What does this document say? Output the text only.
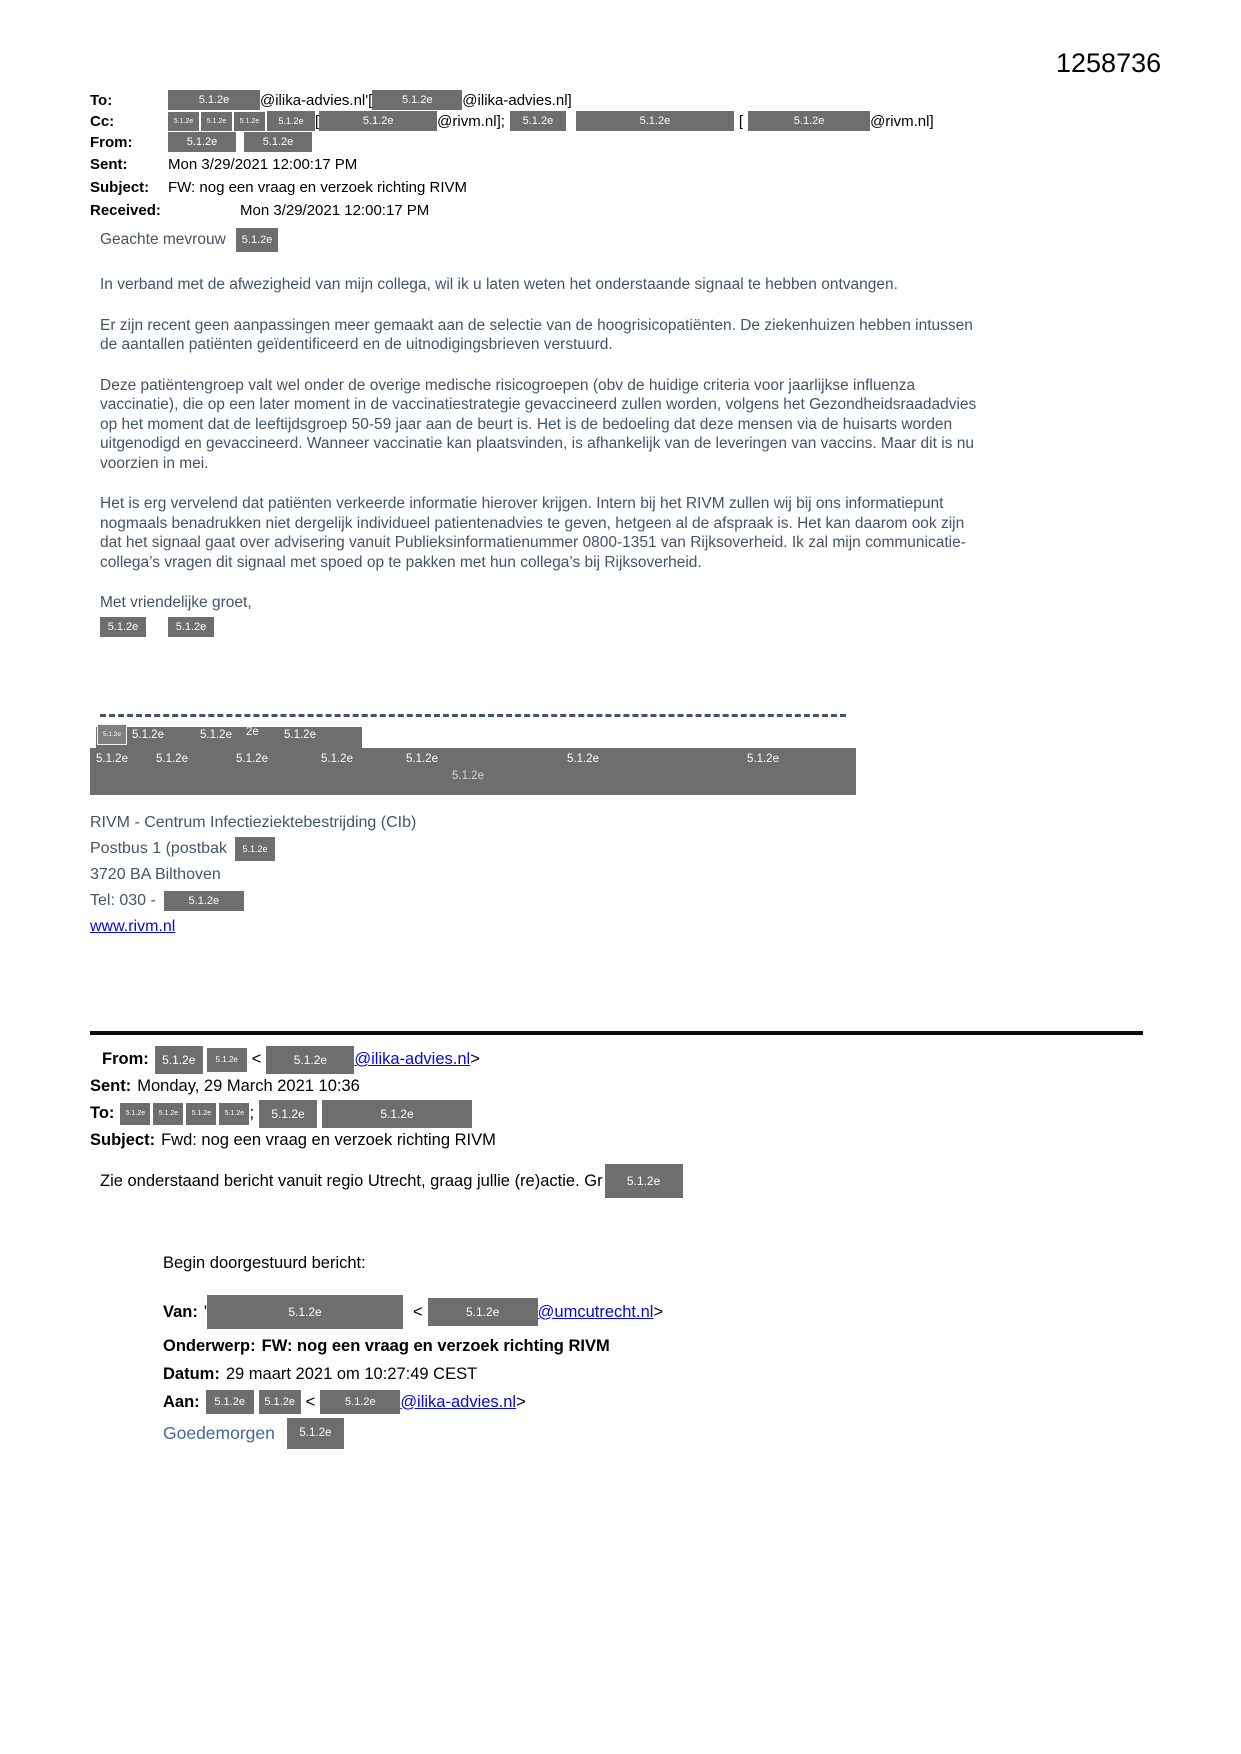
1258736
To:	5.1.2e	@ilika-advies.nl'[	5.1.2e	@ilika-advies.nl]
Cc:	5.1.2e	5.1.2e	5.1.2e	5.1.2e [	5.1.2e	@rivm.nl];	5.1.2e	5.1.2e	[	5.1.2e	@rivm.nl]
From:	5.1.2e	5.1.2e
Sent:	Mon 3/29/2021 12:00:17 PM
Subject:	FW: nog een vraag en verzoek richting RIVM
Received:	Mon 3/29/2021 12:00:17 PM

Geachte mevrouw 5.1.2e

In verband met de afwezigheid van mijn collega, wil ik u laten weten het onderstaande signaal te hebben ontvangen.

Er zijn recent geen aanpassingen meer gemaakt aan de selectie van de hoogrisicopatiënten. De ziekenhuizen hebben intussen de aantallen patiënten geïdentificeerd en de uitnodigingsbrieven verstuurd.

Deze patiëntengroep valt wel onder de overige medische risicogroepen (obv de huidige criteria voor jaarlijkse influenza vaccinatie), die op een later moment in de vaccinatiestrategie gevaccineerd zullen worden, volgens het Gezondheidsraadadvies op het moment dat de leeftijdsgroep 50-59 jaar aan de beurt is. Het is de bedoeling dat deze mensen via de huisarts worden uitgenodigd en gevaccineerd. Wanneer vaccinatie kan plaatsvinden, is afhankelijk van de leveringen van vaccins. Maar dit is nu voorzien in mei.

Het is erg vervelend dat patiënten verkeerde informatie hierover krijgen. Intern bij het RIVM zullen wij bij ons informatiepunt nogmaals benadrukken niet dergelijk individueel patientenadvies te geven, hetgeen al de afspraak is. Het kan daarom ook zijn dat het signaal gaat over advisering vanuit Publieksinformatienummer 0800-1351 van Rijksoverheid. Ik zal mijn communicatie-collega’s vragen dit signaal met spoed op te pakken met hun collega’s bij Rijksoverheid.

Met vriendelijke groet,

5.1.2e	5.1.2e
5.1.2e 5.1.2e	5.1.2e 2e 5.1.2e
5.1.2e 5.1.2e	5.1.2e	5.1.2e	5.1.2e	5.1.2e	5.1.2e
5.1.2e
RIVM - Centrum Infectieziektebestrijding (CIb)
Postbus 1 (postbak	5.1.2e
3720 BA Bilthoven
Tel: 030 -	5.1.2e
www.rivm.nl
From:	5.1.2e	5.1.2e <	5.1.2e	@ilika-advies.nl >
Sent: Monday, 29 March 2021 10:36
To:	5.1.2e	5.1.2e	5.1.2e	5.1.2e ;	5.1.2e	5.1.2e
Subject: Fwd: nog een vraag en verzoek richting RIVM
Zie onderstaand bericht vanuit regio Utrecht, graag jullie (re)actie. Gr	5.1.2e
Begin doorgestuurd bericht:
Van: '	5.1.2e	<	5.1.2e	@umcutrecht.nl >
Onderwerp: FW: nog een vraag en verzoek richting RIVM
Datum: 29 maart 2021 om 10:27:49 CEST
Aan:	5.1.2e	5.1.2e <	5.1.2e	@ilika-advies.nl >
Goedemorgen	5.1.2e
